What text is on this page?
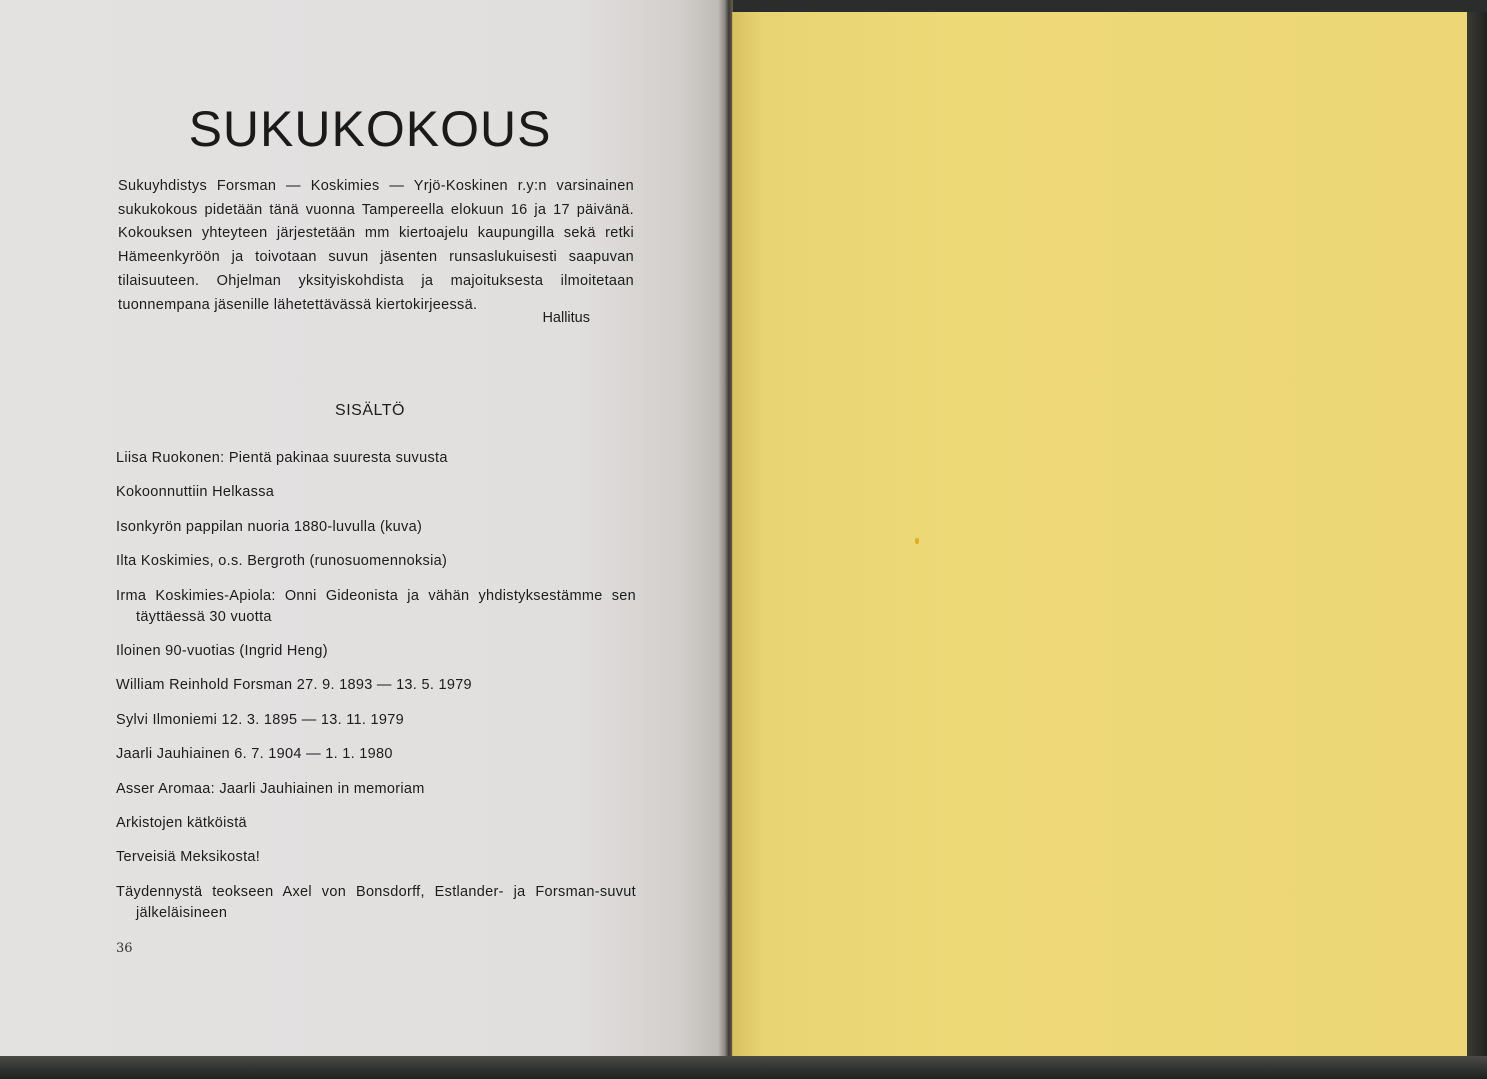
SUKUKOKOUS
Sukuyhdistys Forsman — Koskimies — Yrjö-Koskinen r.y:n varsinainen sukukokous pidetään tänä vuonna Tampereella elokuun 16 ja 17 päivänä. Kokouksen yhteyteen järjestetään mm kiertoajelu kaupungilla sekä retki Hämeenkyröön ja toivotaan suvun jäsenten runsaslukuisesti saapuvan tilaisuuteen. Ohjelman yksityiskohdista ja majoituksesta ilmoitetaan tuonnempana jäsenille lähetettävässä kiertokirjeessä.
Hallitus
SISÄLTÖ
Liisa Ruokonen: Pientä pakinaa suuresta suvusta
Kokoonnuttiin Helkassa
Isonkyrön pappilan nuoria 1880-luvulla (kuva)
Ilta Koskimies, o.s. Bergroth (runosuomennoksia)
Irma Koskimies-Apiola: Onni Gideonista ja vähän yhdistyksestämme sen täyttäessä 30 vuotta
Iloinen 90-vuotias (Ingrid Heng)
William Reinhold Forsman 27. 9. 1893 — 13. 5. 1979
Sylvi Ilmoniemi 12. 3. 1895 — 13. 11. 1979
Jaarli Jauhiainen 6. 7. 1904 — 1. 1. 1980
Asser Aromaa: Jaarli Jauhiainen in memoriam
Arkistojen kätköistä
Terveisiä Meksikosta!
Täydennystä teokseen Axel von Bonsdorff, Estlander- ja Forsman-suvut jälkeläisineen
36
